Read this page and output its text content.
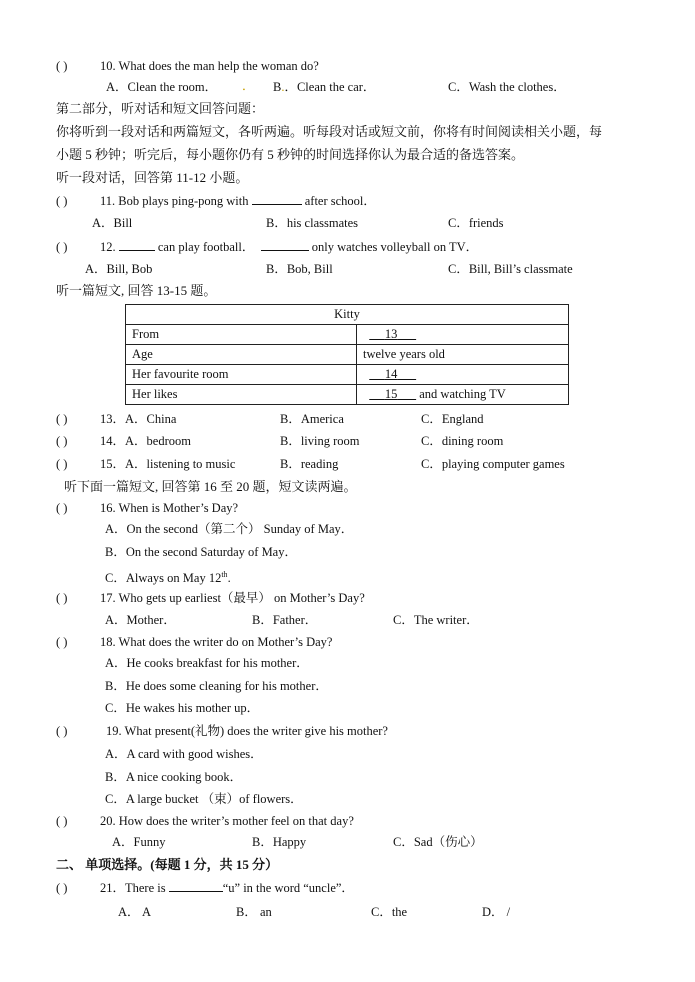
( )	10. What does the man help the woman do?
A．Clean the room． ． B.．Clean the car．	C．Wash the clothes．
第二部分，听对话和短文回答问题：
你将听到一段对话和两篇短文，各听两遍。听每段对话或短文前，你将有时间阅读相关小题，每
小题 5 秒钟；听完后，每小题你仍有 5 秒钟的时间选择你认为最合适的备选答案。
听一段对话，回答第 11-12 小题。
( )	11. Bob plays ping-pong with	after school．
A．Bill	B．his classmates	C．friends
( )	12.	can play football．	only watches volleyball on TV．
A．Bill, Bob	B．Bob, Bill	C．Bill, Bill’s classmate
听一篇短文, 回答 13-15 题。
Kitty	
From	13
Age	twelve years old
Her favourite room	14
Her likes	15       and watching TV
( )	13．A．China	B．America	C．England
( )	14．A．bedroom	B．living room	C．dining room
( )	15．A．listening to music	B．reading	C．playing computer games
听下面一篇短文, 回答第 16 至 20 题，短文读两遍。
( )	16. When is Mother’s Day?
A．On the second（第二个） Sunday of May．
B．On the second Saturday of May．
C．Always on May 12th.
( )	17. Who gets up earliest（最早） on Mother’s Day?
A．Mother．	B．Father．	C．The writer．
( )	18. What does the writer do on Mother’s Day?
A．He cooks breakfast for his mother．
B．He does some cleaning for his mother．
C．He wakes his mother up．
( )	19. What present(礼物) does the writer give his mother?
A．A card with good wishes．
B．A nice cooking book．
C．A large bucket （束）of flowers．
( )	20. How does the writer’s mother feel on that day?
A．Funny	B．Happy	C．Sad（伤心）
二、 单项选择。(每题 1 分，共 15 分）
( )	21．There is	“u” in the word “uncle”．
A． A	B． an	C．the	D． /
